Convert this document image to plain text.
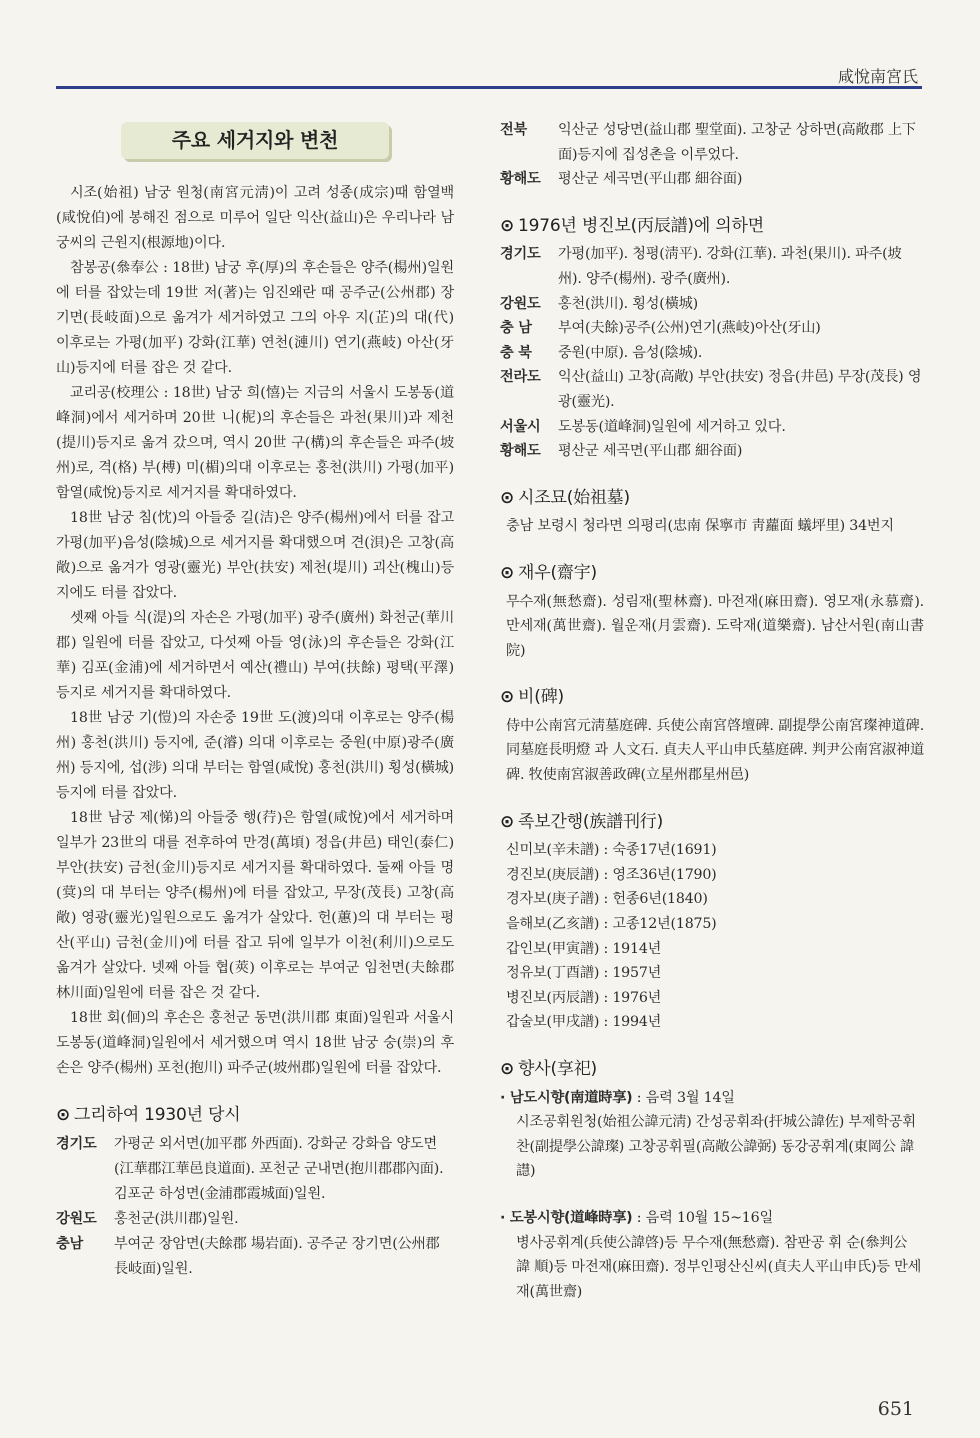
咸悅南宮氏
주요 세거지와 변천

시조(始祖) 남궁 원청(南宮元淸)이 고려 성종(成宗)때 함열백(咸悅伯)에 봉해진 점으로 미루어 일단 익산(益山)은 우리나라 남궁씨의 근원지(根源地)이다.

참봉공(叅奉公 : 18世) 남궁 후(厚)의 후손들은 양주(楊州)일원에 터를 잡았는데 19世 저(著)는 임진왜란 때 공주군(公州郡) 장기면(長岐面)으로 옮겨가 세거하였고 그의 아우 지(芷)의 대(代) 이후로는 가평(加平) 강화(江華) 연천(漣川) 연기(燕岐) 아산(牙山)등지에 터를 잡은 것 같다.

교리공(校理公 : 18世) 남궁 희(憘)는 지금의 서울시 도봉동(道峰洞)에서 세거하며 20世 니(柅)의 후손들은 과천(果川)과 제천(提川)등지로 옮겨 갔으며, 역시 20世 구(構)의 후손들은 파주(坡州)로, 격(格) 부(榑) 미(楣)의대 이후로는 홍천(洪川) 가평(加平) 함열(咸悅)등지로 세거지를 확대하였다.

18世 남궁 침(忱)의 아들중 길(洁)은 양주(楊州)에서 터를 잡고 가평(加平)음성(陰城)으로 세거지를 확대했으며 견(浿)은 고창(高敞)으로 옮겨가 영광(靈光) 부안(扶安) 제천(堤川) 괴산(槐山)등지에도 터를 잡았다.

셋째 아들 식(湜)의 자손은 가평(加平) 광주(廣州) 화천군(華川郡) 일원에 터를 잡았고, 다섯째 아들 영(泳)의 후손들은 강화(江華) 김포(金浦)에 세거하면서 예산(禮山) 부여(扶餘) 평택(平澤)등지로 세거지를 확대하였다.

18世 남궁 기(愷)의 자손중 19世 도(渡)의대 이후로는 양주(楊州) 홍천(洪川) 등지에, 준(濬) 의대 이후로는 중원(中原)광주(廣州) 등지에, 섭(涉) 의대 부터는 함열(咸悅) 홍천(洪川) 횡성(橫城)등지에 터를 잡았다.

18世 남궁 제(悌)의 아들중 행(荇)은 함열(咸悅)에서 세거하며 일부가 23世의 대를 전후하여 만경(萬頃) 정읍(井邑) 태인(泰仁) 부안(扶安) 금천(金川)등지로 세거지를 확대하였다. 둘째 아들 명(蓂)의 대 부터는 양주(楊州)에 터를 잡았고, 무장(茂長) 고창(高敞) 영광(靈光)일원으로도 옮겨가 살았다. 헌(蕙)의 대 부터는 평산(平山) 금천(金川)에 터를 잡고 뒤에 일부가 이천(利川)으로도 옮겨가 살았다. 넷째 아들 협(莢) 이후로는 부여군 임천면(夫餘郡 林川面)일원에 터를 잡은 것 같다.

18世 회(佪)의 후손은 홍천군 동면(洪川郡 東面)일원과 서울시 도봉동(道峰洞)일원에서 세거했으며 역시 18世 남궁 숭(崇)의 후손은 양주(楊州) 포천(抱川) 파주군(坡州郡)일원에 터를 잡았다.

⊙ 그리하여 1930년 당시
경기도	가평군 외서면(加平郡 外西面). 강화군 강화읍 양도면(江華郡江華邑良道面). 포천군 군내면(抱川郡郡內面). 김포군 하성면(金浦郡霞城面)일원.
강원도	홍천군(洪川郡)일원.
충남	부여군 장암면(夫餘郡 場岩面). 공주군 장기면(公州郡 長岐面)일원.
전북	익산군 성당면(益山郡 聖堂面). 고창군 상하면(高敞郡 上下面)등지에 집성촌을 이루었다.
황해도	평산군 세곡면(平山郡 細谷面)
⊙ 1976년 병진보(丙辰譜)에 의하면
경기도	가평(加平). 청평(淸平). 강화(江華). 과천(果川). 파주(坡州). 양주(楊州). 광주(廣州).
강원도	홍천(洪川). 횡성(橫城)
충 남	부여(夫餘)공주(公州)연기(燕岐)아산(牙山)
충 북	중원(中原). 음성(陰城).
전라도	익산(益山) 고창(高敞) 부안(扶安) 정읍(井邑) 무장(茂長) 영광(靈光).
서울시	도봉동(道峰洞)일원에 세거하고 있다.
황해도	평산군 세곡면(平山郡 細谷面)
⊙ 시조묘(始祖墓)
충남 보령시 청라면 의평리(忠南 保寧市 靑蘿面 蟻坪里) 34번지
⊙ 재우(齋宇)
무수재(無愁齋). 성림재(聖林齋). 마전재(麻田齋). 영모재(永慕齋). 만세재(萬世齋). 월운재(月雲齋). 도락재(道樂齋). 남산서원(南山書院)
⊙ 비(碑)
侍中公南宮元淸墓庭碑. 兵使公南宮啓壇碑. 副提學公南宮璨神道碑. 同墓庭長明燈 과 人文石. 貞夫人平山申氏墓庭碑. 判尹公南宮淑神道碑. 牧使南宮淑善政碑(立星州郡星州邑)
⊙ 족보간행(族譜刊行)
신미보(辛未譜) : 숙종17년(1691)
경진보(庚辰譜) : 영조36년(1790)
경자보(庚子譜) : 헌종6년(1840)
을해보(乙亥譜) : 고종12년(1875)
갑인보(甲寅譜) : 1914년
정유보(丁酉譜) : 1957년
병진보(丙辰譜) : 1976년
갑술보(甲戌譜) : 1994년
⊙ 향사(享祀)
· 남도시향(南道時享) : 음력 3월 14일
시조공휘원청(始祖公諱元淸) 간성공휘좌(扞城公諱佐) 부제학공휘찬(副提學公諱璨) 고창공휘필(高敞公諱弼) 동강공휘계(東岡公 諱 譿)
· 도봉시향(道峰時享) : 음력 10월 15~16일
병사공휘계(兵使公諱啓)등 무수재(無愁齋). 참판공 휘 순(叅判公 諱 順)등 마전재(麻田齋). 정부인평산신씨(貞夫人平山申氏)등 만세재(萬世齋)
651
